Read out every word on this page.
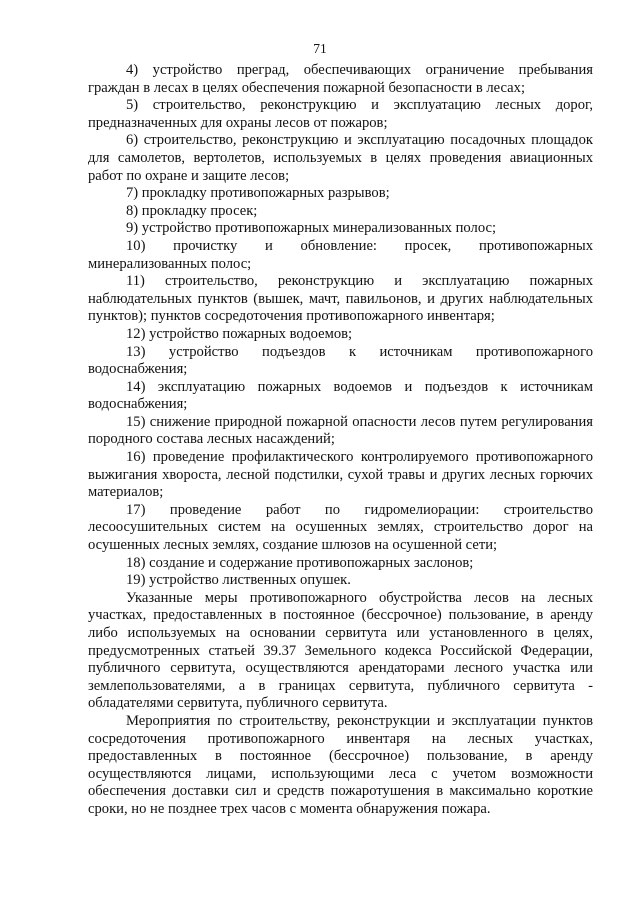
71

4) устройство преград, обеспечивающих ограничение пребывания граждан в лесах в целях обеспечения пожарной безопасности в лесах;

5) строительство, реконструкцию и эксплуатацию лесных дорог, предназначенных для охраны лесов от пожаров;

6) строительство, реконструкцию и эксплуатацию посадочных площадок для самолетов, вертолетов, используемых в целях проведения авиационных работ по охране и защите лесов;

7) прокладку противопожарных разрывов;

8) прокладку просек;

9) устройство противопожарных минерализованных полос;

10) прочистку и обновление: просек, противопожарных минерализованных полос;

11) строительство, реконструкцию и эксплуатацию пожарных наблюдательных пунктов (вышек, мачт, павильонов, и других наблюдательных пунктов); пунктов сосредоточения противопожарного инвентаря;

12) устройство пожарных водоемов;

13) устройство подъездов к источникам противопожарного водоснабжения;

14) эксплуатацию пожарных водоемов и подъездов к источникам водоснабжения;

15) снижение природной пожарной опасности лесов путем регулирования породного состава лесных насаждений;

16) проведение профилактического контролируемого противопожарного выжигания хвороста, лесной подстилки, сухой травы и других лесных горючих материалов;

17) проведение работ по гидромелиорации: строительство лесоосушительных систем на осушенных землях, строительство дорог на осушенных лесных землях, создание шлюзов на осушенной сети;

18) создание и содержание противопожарных заслонов;

19) устройство лиственных опушек.

Указанные меры противопожарного обустройства лесов на лесных участках, предоставленных в постоянное (бессрочное) пользование, в аренду либо используемых на основании сервитута или установленного в целях, предусмотренных статьей 39.37 Земельного кодекса Российской Федерации, публичного сервитута, осуществляются арендаторами лесного участка или землепользователями, а в границах сервитута, публичного сервитута - обладателями сервитута, публичного сервитута.

Мероприятия по строительству, реконструкции и эксплуатации пунктов сосредоточения противопожарного инвентаря на лесных участках, предоставленных в постоянное (бессрочное) пользование, в аренду осуществляются лицами, использующими леса с учетом возможности обеспечения доставки сил и средств пожаротушения в максимально короткие сроки, но не позднее трех часов с момента обнаружения пожара.
